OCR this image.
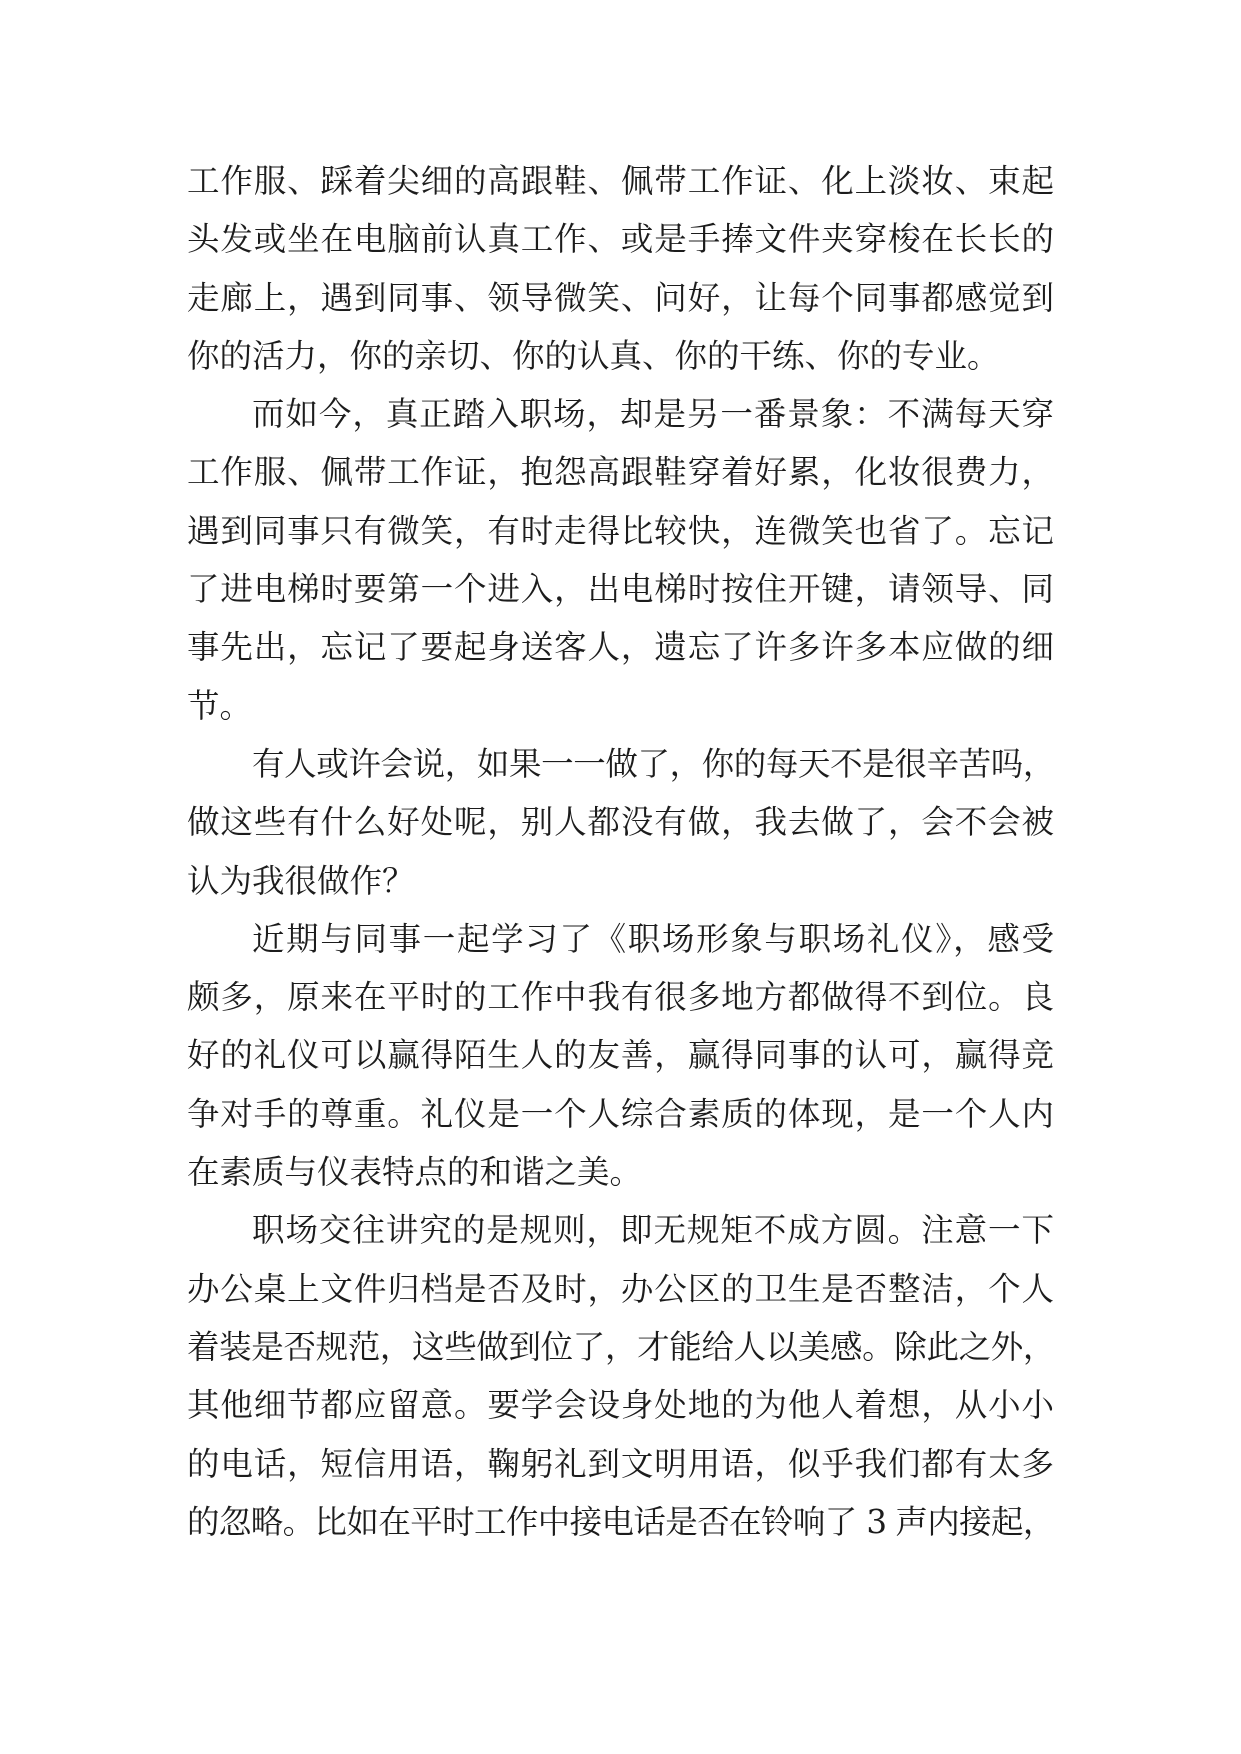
工作服、踩着尖细的高跟鞋、佩带工作证、化上淡妆、束起
头发或坐在电脑前认真工作、或是手捧文件夹穿梭在长长的
走廊上，遇到同事、领导微笑、问好，让每个同事都感觉到
你的活力，你的亲切、你的认真、你的干练、你的专业。
而如今，真正踏入职场，却是另一番景象：不满每天穿
工作服、佩带工作证，抱怨高跟鞋穿着好累，化妆很费力，
遇到同事只有微笑，有时走得比较快，连微笑也省了。忘记
了进电梯时要第一个进入，出电梯时按住开键，请领导、同
事先出，忘记了要起身送客人，遗忘了许多许多本应做的细
节。
有人或许会说，如果一一做了，你的每天不是很辛苦吗，
做这些有什么好处呢，别人都没有做，我去做了，会不会被
认为我很做作？
近期与同事一起学习了《职场形象与职场礼仪》，感受
颇多，原来在平时的工作中我有很多地方都做得不到位。良
好的礼仪可以赢得陌生人的友善，赢得同事的认可，赢得竞
争对手的尊重。礼仪是一个人综合素质的体现，是一个人内
在素质与仪表特点的和谐之美。
职场交往讲究的是规则，即无规矩不成方圆。注意一下
办公桌上文件归档是否及时，办公区的卫生是否整洁，个人
着装是否规范，这些做到位了，才能给人以美感。除此之外，
其他细节都应留意。要学会设身处地的为他人着想，从小小
的电话，短信用语，鞠躬礼到文明用语，似乎我们都有太多
的忽略。比如在平时工作中接电话是否在铃响了 3 声内接起，
